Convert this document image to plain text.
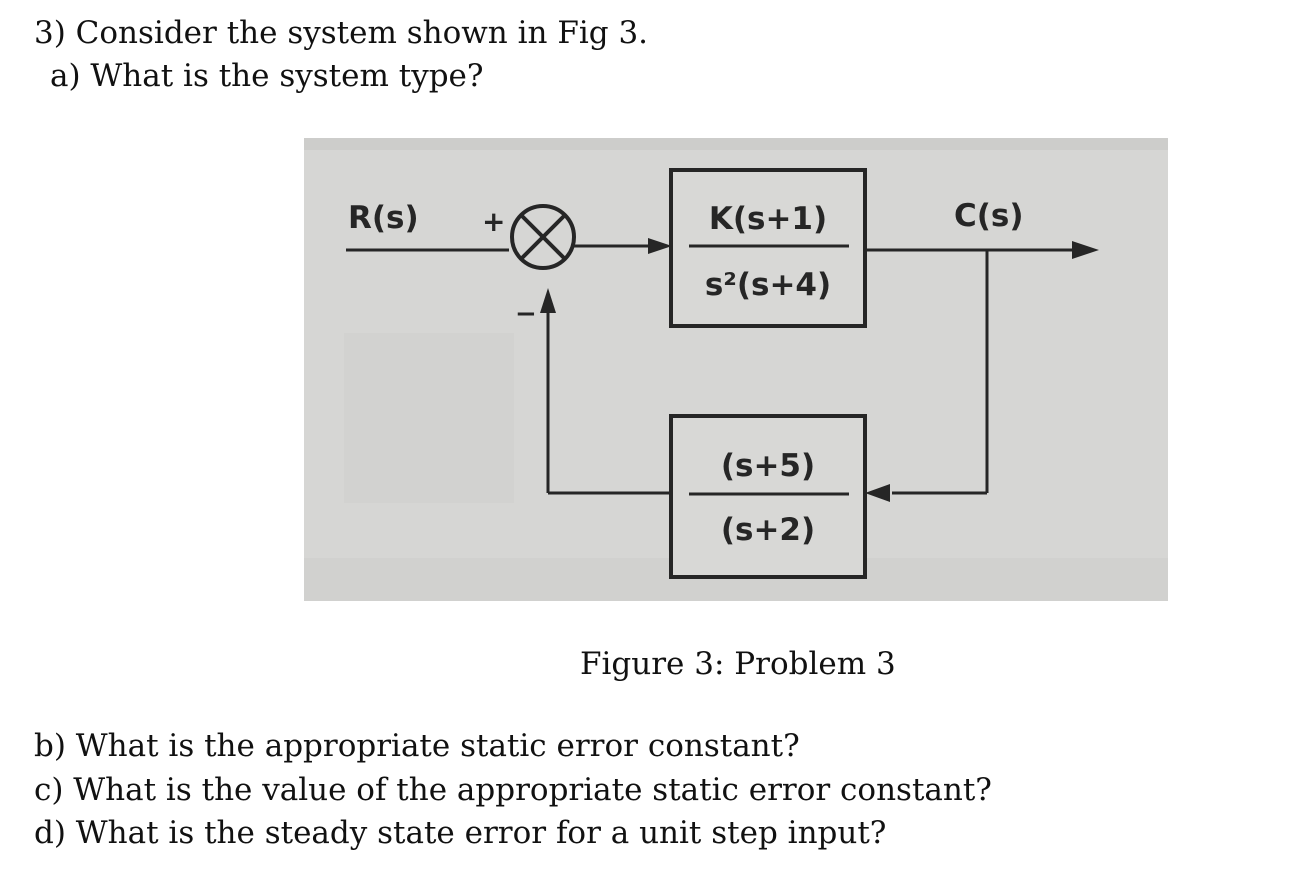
3) Consider the system shown in Fig 3.
a) What is the system type?
R(s) +
−
K(s+1)
s²(s+4)
C(s)
(s+5)
(s+2)
Figure 3: Problem 3
b) What is the appropriate static error constant?
c) What is the value of the appropriate static error constant?
d) What is the steady state error for a unit step input?
